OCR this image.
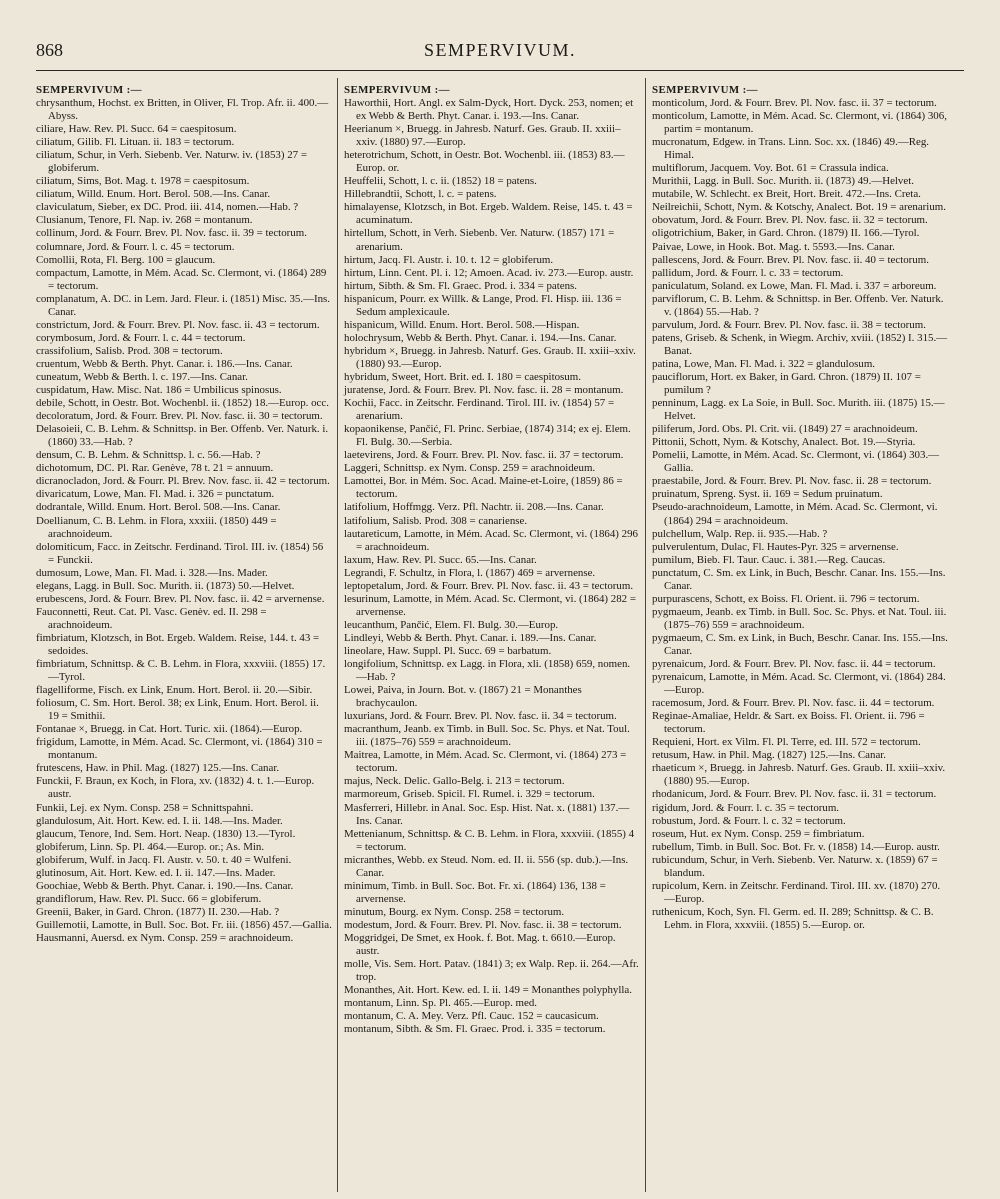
868	SEMPERVIVUM.
SEMPERVIVUM :—

chrysanthum, Hochst. ex Britten, in Oliver, Fl. Trop. Afr. ii. 400.—Abyss.

ciliare, Haw. Rev. Pl. Succ. 64 = caespitosum.

ciliatum, Gilib. Fl. Lituan. ii. 183 = tectorum.

ciliatum, Schur, in Verh. Siebenb. Ver. Naturw. iv. (1853) 27 = globiferum.

ciliatum, Sims, Bot. Mag. t. 1978 = caespitosum.

ciliatum, Willd. Enum. Hort. Berol. 508.—Ins. Canar.

claviculatum, Sieber, ex DC. Prod. iii. 414, nomen.—Hab. ?

Clusianum, Tenore, Fl. Nap. iv. 268 = montanum.

collinum, Jord. & Fourr. Brev. Pl. Nov. fasc. ii. 39 = tectorum.

columnare, Jord. & Fourr. l. c. 45 = tectorum.

Comollii, Rota, Fl. Berg. 100 = glaucum.

compactum, Lamotte, in Mém. Acad. Sc. Clermont, vi. (1864) 289 = tectorum.

complanatum, A. DC. in Lem. Jard. Fleur. i. (1851) Misc. 35.—Ins. Canar.

constrictum, Jord. & Fourr. Brev. Pl. Nov. fasc. ii. 43 = tectorum.

corymbosum, Jord. & Fourr. l. c. 44 = tectorum.

crassifolium, Salisb. Prod. 308 = tectorum.

cruentum, Webb & Berth. Phyt. Canar. i. 186.—Ins. Canar.

cuneatum, Webb & Berth. l. c. 197.—Ins. Canar.

cuspidatum, Haw. Misc. Nat. 186 = Umbilicus spinosus.

debile, Schott, in Oestr. Bot. Wochenbl. ii. (1852) 18.—Europ. occ.

decoloratum, Jord. & Fourr. Brev. Pl. Nov. fasc. ii. 30 = tectorum.

Delasoieii, C. B. Lehm. & Schnittsp. in Ber. Offenb. Ver. Naturk. i. (1860) 33.—Hab. ?

densum, C. B. Lehm. & Schnittsp. l. c. 56.—Hab. ?

dichotomum, DC. Pl. Rar. Genève, 78 t. 21 = annuum.

dicranocladon, Jord. & Fourr. Pl. Brev. Nov. fasc. ii. 42 = tectorum.

divaricatum, Lowe, Man. Fl. Mad. i. 326 = punctatum.

dodrantale, Willd. Enum. Hort. Berol. 508.—Ins. Canar.

Doellianum, C. B. Lehm. in Flora, xxxiii. (1850) 449 = arachnoideum.

dolomiticum, Facc. in Zeitschr. Ferdinand. Tirol. III. iv. (1854) 56 = Funckii.

dumosum, Lowe, Man. Fl. Mad. i. 328.—Ins. Mader.

elegans, Lagg. in Bull. Soc. Murith. ii. (1873) 50.—Helvet.

erubescens, Jord. & Fourr. Brev. Pl. Nov. fasc. ii. 42 = arvernense.

Fauconnetti, Reut. Cat. Pl. Vasc. Genèv. ed. II. 298 = arachnoideum.

fimbriatum, Klotzsch, in Bot. Ergeb. Waldem. Reise, 144. t. 43 = sedoides.

fimbriatum, Schnittsp. & C. B. Lehm. in Flora, xxxviii. (1855) 17.—Tyrol.

flagelliforme, Fisch. ex Link, Enum. Hort. Berol. ii. 20.—Sibir.

foliosum, C. Sm. Hort. Berol. 38; ex Link, Enum. Hort. Berol. ii. 19 = Smithii.

Fontanae ×, Bruegg. in Cat. Hort. Turic. xii. (1864).—Europ.

frigidum, Lamotte, in Mém. Acad. Sc. Clermont, vi. (1864) 310 = montanum.

frutescens, Haw. in Phil. Mag. (1827) 125.—Ins. Canar.

Funckii, F. Braun, ex Koch, in Flora, xv. (1832) 4. t. 1.—Europ. austr.

Funkii, Lej. ex Nym. Consp. 258 = Schnittspahni.

glandulosum, Ait. Hort. Kew. ed. I. ii. 148.—Ins. Mader.

glaucum, Tenore, Ind. Sem. Hort. Neap. (1830) 13.—Tyrol.

globiferum, Linn. Sp. Pl. 464.—Europ. or.; As. Min.

globiferum, Wulf. in Jacq. Fl. Austr. v. 50. t. 40 = Wulfeni.

glutinosum, Ait. Hort. Kew. ed. I. ii. 147.—Ins. Mader.

Goochiae, Webb & Berth. Phyt. Canar. i. 190.—Ins. Canar.

grandiflorum, Haw. Rev. Pl. Succ. 66 = globiferum.

Greenii, Baker, in Gard. Chron. (1877) II. 230.—Hab. ?

Guillemotii, Lamotte, in Bull. Soc. Bot. Fr. iii. (1856) 457.—Gallia.

Hausmanni, Auersd. ex Nym. Consp. 259 = arachnoideum.

SEMPERVIVUM :—

Haworthii, Hort. Angl. ex Salm-Dyck, Hort. Dyck. 253, nomen; et ex Webb & Berth. Phyt. Canar. i. 193.—Ins. Canar.

Heerianum ×, Bruegg. in Jahresb. Naturf. Ges. Graub. II. xxiii–xxiv. (1880) 97.—Europ.

heterotrichum, Schott, in Oestr. Bot. Wochenbl. iii. (1853) 83.—Europ. or.

Heuffelii, Schott, l. c. ii. (1852) 18 = patens.

Hillebrandtii, Schott, l. c. = patens.

himalayense, Klotzsch, in Bot. Ergeb. Waldem. Reise, 145. t. 43 = acuminatum.

hirtellum, Schott, in Verh. Siebenb. Ver. Naturw. (1857) 171 = arenarium.

hirtum, Jacq. Fl. Austr. i. 10. t. 12 = globiferum.

hirtum, Linn. Cent. Pl. i. 12; Amoen. Acad. iv. 273.—Europ. austr.

hirtum, Sibth. & Sm. Fl. Graec. Prod. i. 334 = patens.

hispanicum, Pourr. ex Willk. & Lange, Prod. Fl. Hisp. iii. 136 = Sedum amplexicaule.

hispanicum, Willd. Enum. Hort. Berol. 508.—Hispan.

holochrysum, Webb & Berth. Phyt. Canar. i. 194.—Ins. Canar.

hybridum ×, Bruegg. in Jahresb. Naturf. Ges. Graub. II. xxiii–xxiv. (1880) 93.—Europ.

hybridum, Sweet, Hort. Brit. ed. I. 180 = caespitosum.

juratense, Jord. & Fourr. Brev. Pl. Nov. fasc. ii. 28 = montanum.

Kochii, Facc. in Zeitschr. Ferdinand. Tirol. III. iv. (1854) 57 = arenarium.

kopaonikense, Pančić, Fl. Princ. Serbiae, (1874) 314; ex ej. Elem. Fl. Bulg. 30.—Serbia.

laetevirens, Jord. & Fourr. Brev. Pl. Nov. fasc. ii. 37 = tectorum.

Laggeri, Schnittsp. ex Nym. Consp. 259 = arachnoideum.

Lamottei, Bor. in Mém. Soc. Acad. Maine-et-Loire, (1859) 86 = tectorum.

latifolium, Hoffmgg. Verz. Pfl. Nachtr. ii. 208.—Ins. Canar.

latifolium, Salisb. Prod. 308 = canariense.

lautareticum, Lamotte, in Mém. Acad. Sc. Clermont, vi. (1864) 296 = arachnoideum.

laxum, Haw. Rev. Pl. Succ. 65.—Ins. Canar.

Legrandi, F. Schultz, in Flora, l. (1867) 469 = arvernense.

leptopetalum, Jord. & Fourr. Brev. Pl. Nov. fasc. ii. 43 = tectorum.

lesurinum, Lamotte, in Mém. Acad. Sc. Clermont, vi. (1864) 282 = arvernense.

leucanthum, Pančić, Elem. Fl. Bulg. 30.—Europ.

Lindleyi, Webb & Berth. Phyt. Canar. i. 189.—Ins. Canar.

lineolare, Haw. Suppl. Pl. Succ. 69 = barbatum.

longifolium, Schnittsp. ex Lagg. in Flora, xli. (1858) 659, nomen.—Hab. ?

Lowei, Paiva, in Journ. Bot. v. (1867) 21 = Monanthes brachycaulon.

luxurians, Jord. & Fourr. Brev. Pl. Nov. fasc. ii. 34 = tectorum.

macranthum, Jeanb. ex Timb. in Bull. Soc. Sc. Phys. et Nat. Toul. iii. (1875–76) 559 = arachnoideum.

Maitrea, Lamotte, in Mém. Acad. Sc. Clermont, vi. (1864) 273 = tectorum.

majus, Neck. Delic. Gallo-Belg. i. 213 = tectorum.

marmoreum, Griseb. Spicil. Fl. Rumel. i. 329 = tectorum.

Masferreri, Hillebr. in Anal. Soc. Esp. Hist. Nat. x. (1881) 137.—Ins. Canar.

Mettenianum, Schnittsp. & C. B. Lehm. in Flora, xxxviii. (1855) 4 = tectorum.

micranthes, Webb. ex Steud. Nom. ed. II. ii. 556 (sp. dub.).—Ins. Canar.

minimum, Timb. in Bull. Soc. Bot. Fr. xi. (1864) 136, 138 = arvernense.

minutum, Bourg. ex Nym. Consp. 258 = tectorum.

modestum, Jord. & Fourr. Brev. Pl. Nov. fasc. ii. 38 = tectorum.

Moggridgei, De Smet, ex Hook. f. Bot. Mag. t. 6610.—Europ. austr.

molle, Vis. Sem. Hort. Patav. (1841) 3; ex Walp. Rep. ii. 264.—Afr. trop.

Monanthes, Ait. Hort. Kew. ed. I. ii. 149 = Monanthes polyphylla.

montanum, Linn. Sp. Pl. 465.—Europ. med.

montanum, C. A. Mey. Verz. Pfl. Cauc. 152 = caucasicum.

montanum, Sibth. & Sm. Fl. Graec. Prod. i. 335 = tectorum.

SEMPERVIVUM :—

monticolum, Jord. & Fourr. Brev. Pl. Nov. fasc. ii. 37 = tectorum.

monticolum, Lamotte, in Mém. Acad. Sc. Clermont, vi. (1864) 306, partim = montanum.

mucronatum, Edgew. in Trans. Linn. Soc. xx. (1846) 49.—Reg. Himal.

multiflorum, Jacquem. Voy. Bot. 61 = Crassula indica.

Murithii, Lagg. in Bull. Soc. Murith. ii. (1873) 49.—Helvet.

mutabile, W. Schlecht. ex Breit, Hort. Breit. 472.—Ins. Creta.

Neilreichii, Schott, Nym. & Kotschy, Analect. Bot. 19 = arenarium.

obovatum, Jord. & Fourr. Brev. Pl. Nov. fasc. ii. 32 = tectorum.

oligotrichium, Baker, in Gard. Chron. (1879) II. 166.—Tyrol.

Paivae, Lowe, in Hook. Bot. Mag. t. 5593.—Ins. Canar.

pallescens, Jord. & Fourr. Brev. Pl. Nov. fasc. ii. 40 = tectorum.

pallidum, Jord. & Fourr. l. c. 33 = tectorum.

paniculatum, Soland. ex Lowe, Man. Fl. Mad. i. 337 = arboreum.

parviflorum, C. B. Lehm. & Schnittsp. in Ber. Offenb. Ver. Naturk. v. (1864) 55.—Hab. ?

parvulum, Jord. & Fourr. Brev. Pl. Nov. fasc. ii. 38 = tectorum.

patens, Griseb. & Schenk, in Wiegm. Archiv, xviii. (1852) I. 315.—Banat.

patina, Lowe, Man. Fl. Mad. i. 322 = glandulosum.

pauciflorum, Hort. ex Baker, in Gard. Chron. (1879) II. 107 = pumilum ?

penninum, Lagg. ex La Soie, in Bull. Soc. Murith. iii. (1875) 15.—Helvet.

piliferum, Jord. Obs. Pl. Crit. vii. (1849) 27 = arachnoideum.

Pittonii, Schott, Nym. & Kotschy, Analect. Bot. 19.—Styria.

Pomelii, Lamotte, in Mém. Acad. Sc. Clermont, vi. (1864) 303.—Gallia.

praestabile, Jord. & Fourr. Brev. Pl. Nov. fasc. ii. 28 = tectorum.

pruinatum, Spreng. Syst. ii. 169 = Sedum pruinatum.

Pseudo-arachnoideum, Lamotte, in Mém. Acad. Sc. Clermont, vi. (1864) 294 = arachnoideum.

pulchellum, Walp. Rep. ii. 935.—Hab. ?

pulverulentum, Dulac, Fl. Hautes-Pyr. 325 = arvernense.

pumilum, Bieb. Fl. Taur. Cauc. i. 381.—Reg. Caucas.

punctatum, C. Sm. ex Link, in Buch, Beschr. Canar. Ins. 155.—Ins. Canar.

purpurascens, Schott, ex Boiss. Fl. Orient. ii. 796 = tectorum.

pygmaeum, Jeanb. ex Timb. in Bull. Soc. Sc. Phys. et Nat. Toul. iii. (1875–76) 559 = arachnoideum.

pygmaeum, C. Sm. ex Link, in Buch, Beschr. Canar. Ins. 155.—Ins. Canar.

pyrenaicum, Jord. & Fourr. Brev. Pl. Nov. fasc. ii. 44 = tectorum.

pyrenaicum, Lamotte, in Mém. Acad. Sc. Clermont, vi. (1864) 284.—Europ.

racemosum, Jord. & Fourr. Brev. Pl. Nov. fasc. ii. 44 = tectorum.

Reginae-Amaliae, Heldr. & Sart. ex Boiss. Fl. Orient. ii. 796 = tectorum.

Requieni, Hort. ex Vilm. Fl. Pl. Terre, ed. III. 572 = tectorum.

retusum, Haw. in Phil. Mag. (1827) 125.—Ins. Canar.

rhaeticum ×, Bruegg. in Jahresb. Naturf. Ges. Graub. II. xxiii–xxiv. (1880) 95.—Europ.

rhodanicum, Jord. & Fourr. Brev. Pl. Nov. fasc. ii. 31 = tectorum.

rigidum, Jord. & Fourr. l. c. 35 = tectorum.

robustum, Jord. & Fourr. l. c. 32 = tectorum.

roseum, Hut. ex Nym. Consp. 259 = fimbriatum.

rubellum, Timb. in Bull. Soc. Bot. Fr. v. (1858) 14.—Europ. austr.

rubicundum, Schur, in Verh. Siebenb. Ver. Naturw. x. (1859) 67 = blandum.

rupicolum, Kern. in Zeitschr. Ferdinand. Tirol. III. xv. (1870) 270.—Europ.

ruthenicum, Koch, Syn. Fl. Germ. ed. II. 289; Schnittsp. & C. B. Lehm. in Flora, xxxviii. (1855) 5.—Europ. or.
